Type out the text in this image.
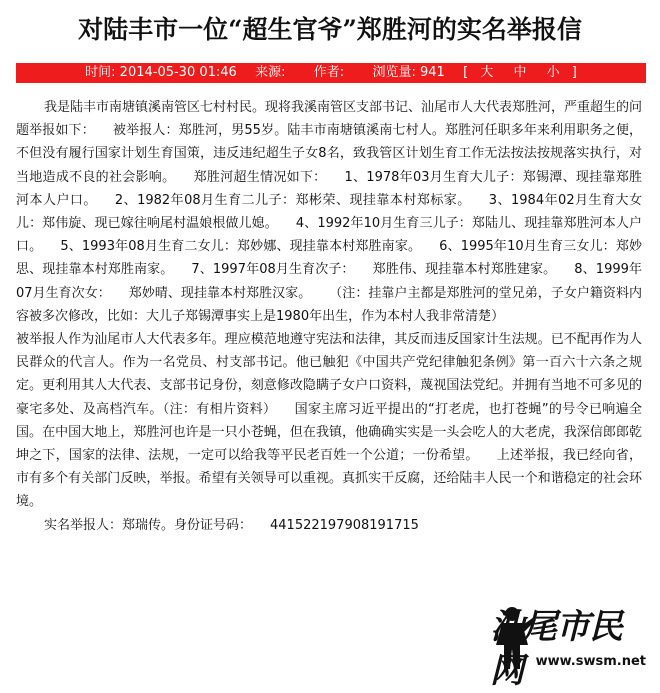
对陆丰市一位“超生官爷”郑胜河的实名举报信
时间: 2014-05-30 01:46 来源: 作者: 浏览量: 941 [ 大 中 小 ]

我是陆丰市南塘镇溪南管区七村村民。现将我溪南管区支部书记、汕尾市人大代表郑胜河，严重超生的问题举报如下： 被举报人：郑胜河，男55岁。陆丰市南塘镇溪南七村人。郑胜河任职多年来利用职务之便，不但没有履行国家计划生育国策，违反违纪超生子女8名，致我管区计划生育工作无法按法按规落实执行，对当地造成不良的社会影响。 郑胜河超生情况如下： 1、1978年03月生育大儿子：郑锡潭、现挂靠郑胜河本人户口。 2、1982年08月生育二儿子：郑彬荣、现挂靠本村郑标家。 3、1984年02月生育大女儿：郑伟旋、现已嫁往响尾村温娘根做儿媳。 4、1992年10月生育三儿子：郑陆儿、现挂靠郑胜河本人户口。 5、1993年08月生育二女儿：郑妙娜、现挂靠本村郑胜南家。 6、1995年10月生育三女儿：郑妙思、现挂靠本村郑胜南家。 7、1997年08月生育次子： 郑胜伟、现挂靠本村郑胜建家。 8、1999年07月生育次女： 郑妙晴、现挂靠本村郑胜汉家。 （注：挂靠户主都是郑胜河的堂兄弟，子女户籍资料内容被多次修改，比如：大儿子郑锡潭事实上是1980年出生，作为本村人我非常清楚）

被举报人作为汕尾市人大代表多年。理应模范地遵守宪法和法律，其反而违反国家计生法规。已不配再作为人民群众的代言人。作为一名党员、村支部书记。他已触犯《中国共产党纪律触犯条例》第一百六十六条之规定。更利用其人大代表、支部书记身份，刻意修改隐瞒子女户口资料，蔑视国法党纪。并拥有当地不可多见的豪宅多处、及高档汽车。（注：有相片资料） 国家主席习近平提出的“打老虎，也打苍蝇”的号令已响遍全国。在中国大地上，郑胜河也许是一只小苍蝇，但在我镇，他确确实实是一头会吃人的大老虎，我深信郎郎乾坤之下，国家的法律、法规，一定可以给我等平民老百姓一个公道；一份希望。 上述举报，我已经向省，市有多个有关部门反映，举报。希望有关领导可以重视。真抓实干反腐，还给陆丰人民一个和谐稳定的社会环境。

实名举报人：郑瑞传。身份证号码： 441522197908191715

汕尾市民网 www.swsm.net
